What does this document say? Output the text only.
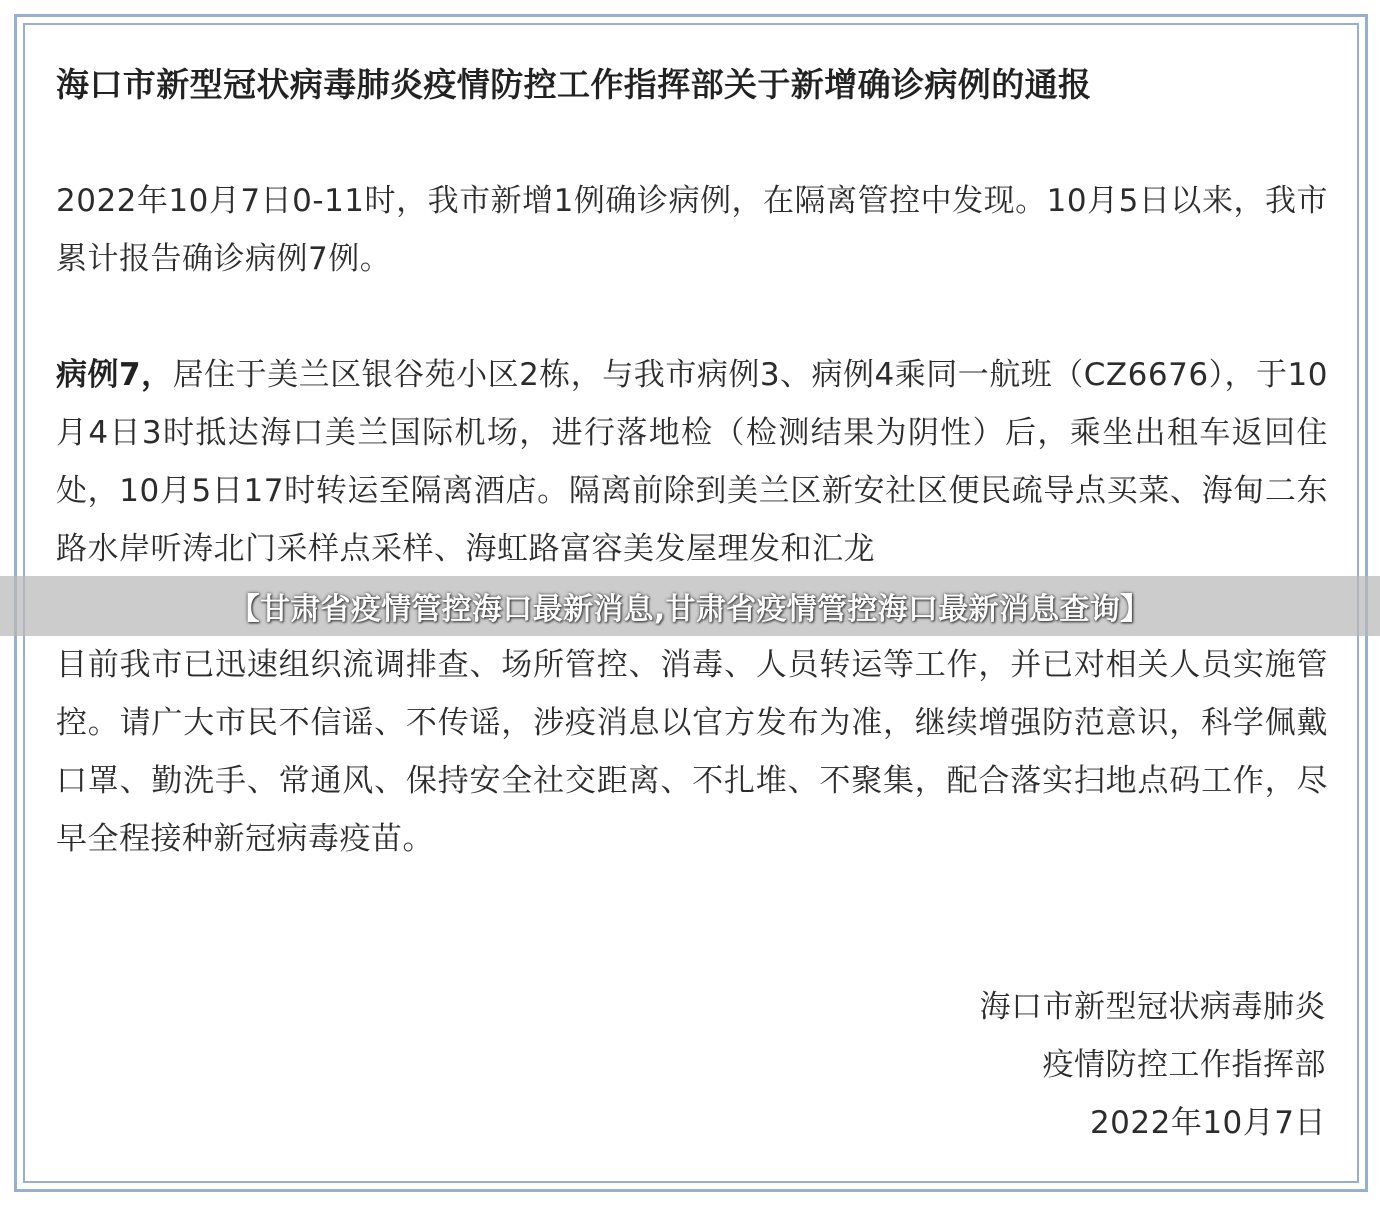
海口市新型冠状病毒肺炎疫情防控工作指挥部关于新增确诊病例的通报

2022年10月7日0-11时，我市新增1例确诊病例，在隔离管控中发现。10月5日以来，我市累计报告确诊病例7例。

病例7，居住于美兰区银谷苑小区2栋，与我市病例3、病例4乘同一航班（CZ6676），于10月4日3时抵达海口美兰国际机场，进行落地检（检测结果为阴性）后，乘坐出租车返回住处，10月5日17时转运至隔离酒店。隔离前除到美兰区新安社区便民疏导点买菜、海甸二东路水岸听涛北门采样点采样、海虹路富容美发屋理发和汇龙

目前我市已迅速组织流调排查、场所管控、消毒、人员转运等工作，并已对相关人员实施管控。请广大市民不信谣、不传谣，涉疫消息以官方发布为准，继续增强防范意识，科学佩戴口罩、勤洗手、常通风、保持安全社交距离、不扎堆、不聚集，配合落实扫地点码工作，尽早全程接种新冠病毒疫苗。

海口市新型冠状病毒肺炎
疫情防控工作指挥部
2022年10月7日
【甘肃省疫情管控海口最新消息,甘肃省疫情管控海口最新消息查询】
